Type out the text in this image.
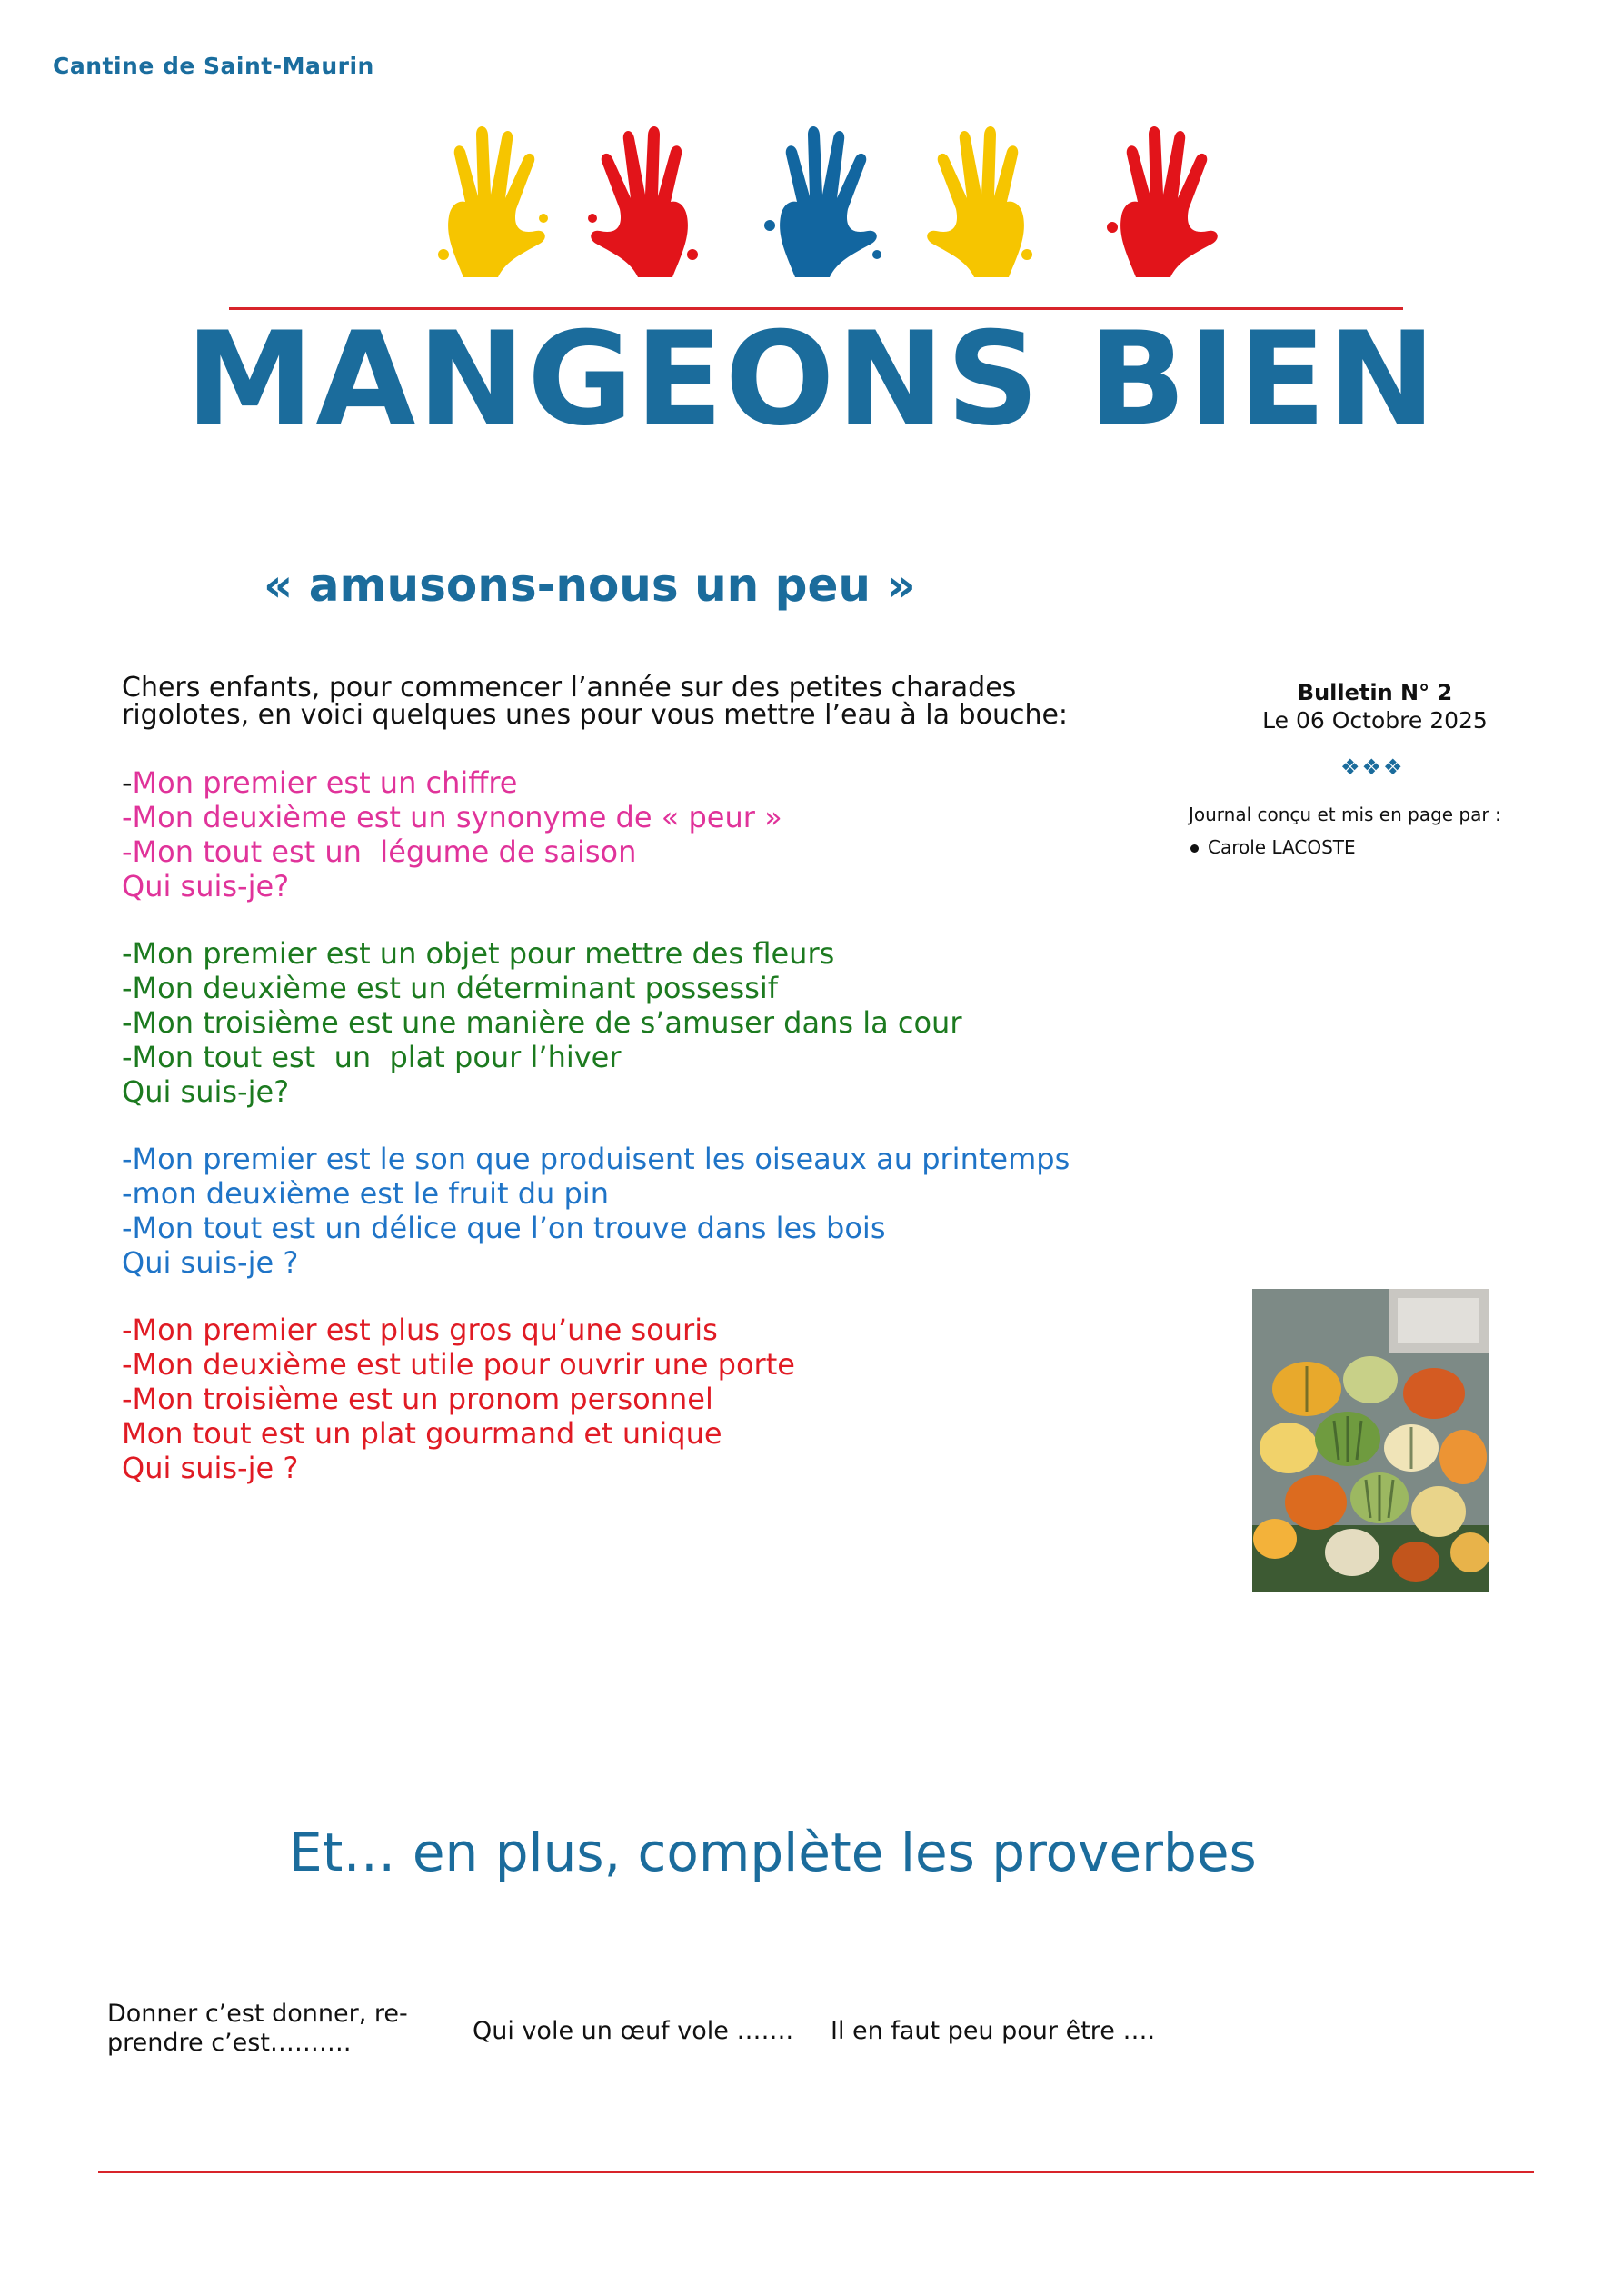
Cantine de Saint-Maurin
MANGEONS BIEN
« amusons-nous un peu »
Chers enfants, pour commencer l’année sur des petites charades
rigolotes, en voici quelques unes pour vous mettre l’eau à la bouche:

-Mon premier est un chiffre

-Mon deuxième est un synonyme de « peur »

-Mon tout est un  légume de saison

Qui suis-je?

-Mon premier est un objet pour mettre des fleurs

-Mon deuxième est un déterminant possessif

-Mon troisième est une manière de s’amuser dans la cour

-Mon tout est  un  plat pour l’hiver

Qui suis-je?

-Mon premier est le son que produisent les oiseaux au printemps

-mon deuxième est le fruit du pin

-Mon tout est un délice que l’on trouve dans les bois

Qui suis-je ?

-Mon premier est plus gros qu’une souris

-Mon deuxième est utile pour ouvrir une porte

-Mon troisième est un pronom personnel

Mon tout est un plat gourmand et unique

Qui suis-je ?

Bulletin N° 2
Le 06 Octobre 2025
❖❖❖
Journal conçu et mis en page par :
Carole LACOSTE
Et… en plus, complète les proverbes
Donner c’est donner, re-prendre c’est……….	Qui vole un œuf vole ……. Il en faut peu pour être ….
